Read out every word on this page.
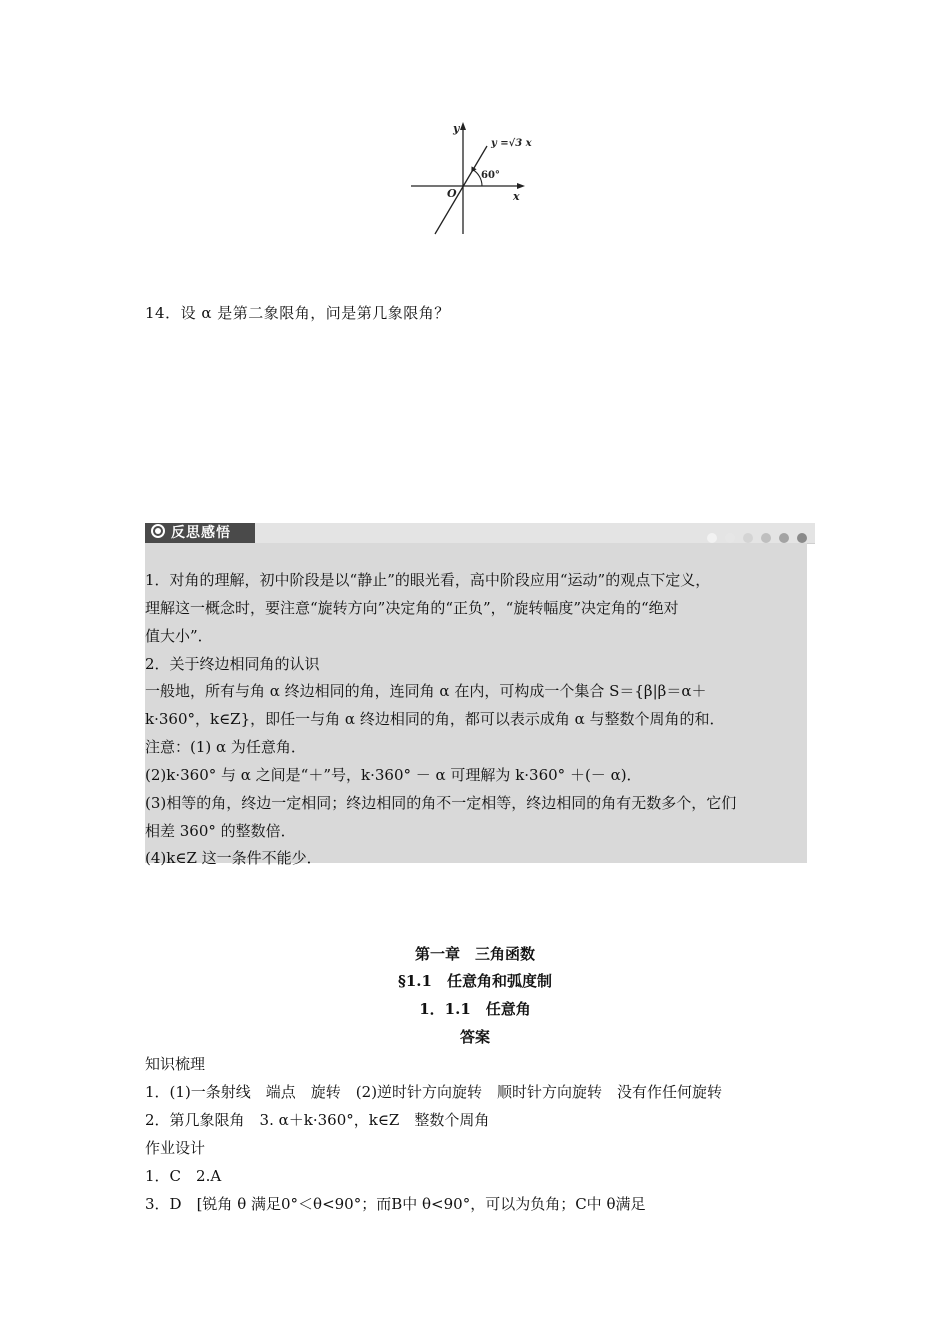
y
x
O
y =√3 x
60°
14．设 α 是第二象限角，问是第几象限角？
反思感悟
1．对角的理解，初中阶段是以“静止”的眼光看，高中阶段应用“运动”的观点下定义，
理解这一概念时，要注意“旋转方向”决定角的“正负”，“旋转幅度”决定角的“绝对
值大小”．
2．关于终边相同角的认识
一般地，所有与角 α 终边相同的角，连同角 α 在内，可构成一个集合 S＝{β|β＝α＋
k·360°，k∈Z}，即任一与角 α 终边相同的角，都可以表示成角 α 与整数个周角的和．
注意：(1) α 为任意角．
(2)k·360° 与 α 之间是“＋”号，k·360° － α 可理解为 k·360° ＋(－ α)．
(3)相等的角，终边一定相同；终边相同的角不一定相等，终边相同的角有无数多个，它们
相差 360° 的整数倍．
(4)k∈Z 这一条件不能少．
第一章　三角函数
§1.1　任意角和弧度制
1．1.1　任意角
答案
知识梳理
1．(1)一条射线　端点　旋转　(2)逆时针方向旋转　顺时针方向旋转　没有作任何旋转
2．第几象限角　3. α＋k·360°，k∈Z　整数个周角
作业设计
1．C　2.A
3．D　[锐角 θ 满足0°＜θ<90°；而B中 θ<90°，可以为负角；C中 θ满足
